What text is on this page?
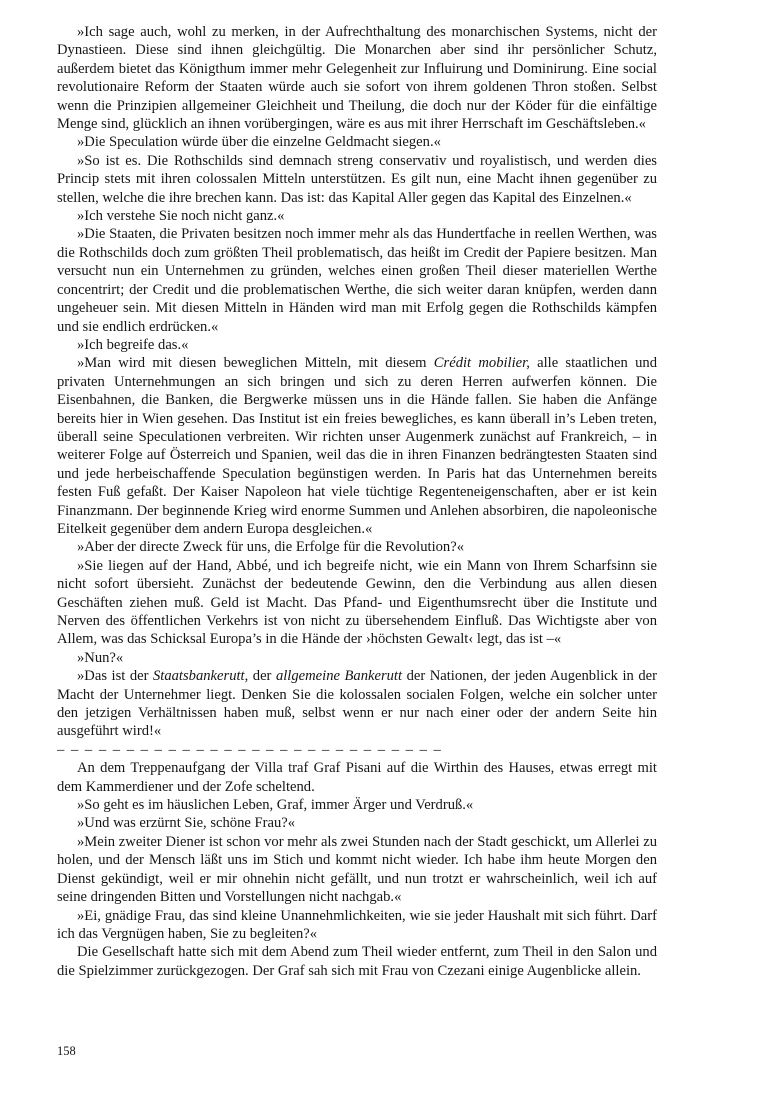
»Ich sage auch, wohl zu merken, in der Aufrechthaltung des monarchischen Systems, nicht der Dynastieen. Diese sind ihnen gleichgültig. Die Monarchen aber sind ihr persönlicher Schutz, außerdem bietet das Königthum immer mehr Gelegenheit zur Influirung und Dominirung. Eine social revolutionaire Reform der Staaten würde auch sie sofort von ihrem goldenen Thron stoßen. Selbst wenn die Prinzipien allgemeiner Gleichheit und Theilung, die doch nur der Köder für die einfältige Menge sind, glücklich an ihnen vorübergingen, wäre es aus mit ihrer Herrschaft im Geschäftsleben.«

»Die Speculation würde über die einzelne Geldmacht siegen.«

»So ist es. Die Rothschilds sind demnach streng conservativ und royalistisch, und werden dies Princip stets mit ihren colossalen Mitteln unterstützen. Es gilt nun, eine Macht ihnen gegenüber zu stellen, welche die ihre brechen kann. Das ist: das Kapital Aller gegen das Kapital des Einzelnen.«

»Ich verstehe Sie noch nicht ganz.«

»Die Staaten, die Privaten besitzen noch immer mehr als das Hundertfache in reellen Werthen, was die Rothschilds doch zum größten Theil problematisch, das heißt im Credit der Papiere besitzen. Man versucht nun ein Unternehmen zu gründen, welches einen großen Theil dieser materiellen Werthe concentrirt; der Credit und die problematischen Werthe, die sich weiter daran knüpfen, werden dann ungeheuer sein. Mit diesen Mitteln in Händen wird man mit Erfolg gegen die Rothschilds kämpfen und sie endlich erdrücken.«

»Ich begreife das.«

»Man wird mit diesen beweglichen Mitteln, mit diesem Crédit mobilier, alle staatlichen und privaten Unternehmungen an sich bringen und sich zu deren Herren aufwerfen können. Die Eisenbahnen, die Banken, die Bergwerke müssen uns in die Hände fallen. Sie haben die Anfänge bereits hier in Wien gesehen. Das Institut ist ein freies bewegliches, es kann überall in’s Leben treten, überall seine Speculationen verbreiten. Wir richten unser Augenmerk zunächst auf Frankreich, – in weiterer Folge auf Österreich und Spanien, weil das die in ihren Finanzen bedrängtesten Staaten sind und jede herbeischaffende Speculation begünstigen werden. In Paris hat das Unternehmen bereits festen Fuß gefaßt. Der Kaiser Napoleon hat viele tüchtige Regenteneigenschaften, aber er ist kein Finanzmann. Der beginnende Krieg wird enorme Summen und Anlehen absorbiren, die napoleonische Eitelkeit gegenüber dem andern Europa desgleichen.«

»Aber der directe Zweck für uns, die Erfolge für die Revolution?«

»Sie liegen auf der Hand, Abbé, und ich begreife nicht, wie ein Mann von Ihrem Scharfsinn sie nicht sofort übersieht. Zunächst der bedeutende Gewinn, den die Verbindung aus allen diesen Geschäften ziehen muß. Geld ist Macht. Das Pfand- und Eigenthumsrecht über die Institute und Nerven des öffentlichen Verkehrs ist von nicht zu übersehendem Einfluß. Das Wichtigste aber von Allem, was das Schicksal Europa’s in die Hände der ›höchsten Gewalt‹ legt, das ist –«

»Nun?«

»Das ist der Staatsbankerutt, der allgemeine Bankerutt der Nationen, der jeden Augenblick in der Macht der Unternehmer liegt. Denken Sie die kolossalen socialen Folgen, welche ein solcher unter den jetzigen Verhältnissen haben muß, selbst wenn er nur nach einer oder der andern Seite hin ausgeführt wird!«

– – – – – – – – – – – – – – – – – – – – – – – – – – – –

An dem Treppenaufgang der Villa traf Graf Pisani auf die Wirthin des Hauses, etwas erregt mit dem Kammerdiener und der Zofe scheltend.

»So geht es im häuslichen Leben, Graf, immer Ärger und Verdruß.«

»Und was erzürnt Sie, schöne Frau?«

»Mein zweiter Diener ist schon vor mehr als zwei Stunden nach der Stadt geschickt, um Allerlei zu holen, und der Mensch läßt uns im Stich und kommt nicht wieder. Ich habe ihm heute Morgen den Dienst gekündigt, weil er mir ohnehin nicht gefällt, und nun trotzt er wahrscheinlich, weil ich auf seine dringenden Bitten und Vorstellungen nicht nachgab.«

»Ei, gnädige Frau, das sind kleine Unannehmlichkeiten, wie sie jeder Haushalt mit sich führt. Darf ich das Vergnügen haben, Sie zu begleiten?«

Die Gesellschaft hatte sich mit dem Abend zum Theil wieder entfernt, zum Theil in den Salon und die Spielzimmer zurückgezogen. Der Graf sah sich mit Frau von Czezani einige Augenblicke allein.

158
